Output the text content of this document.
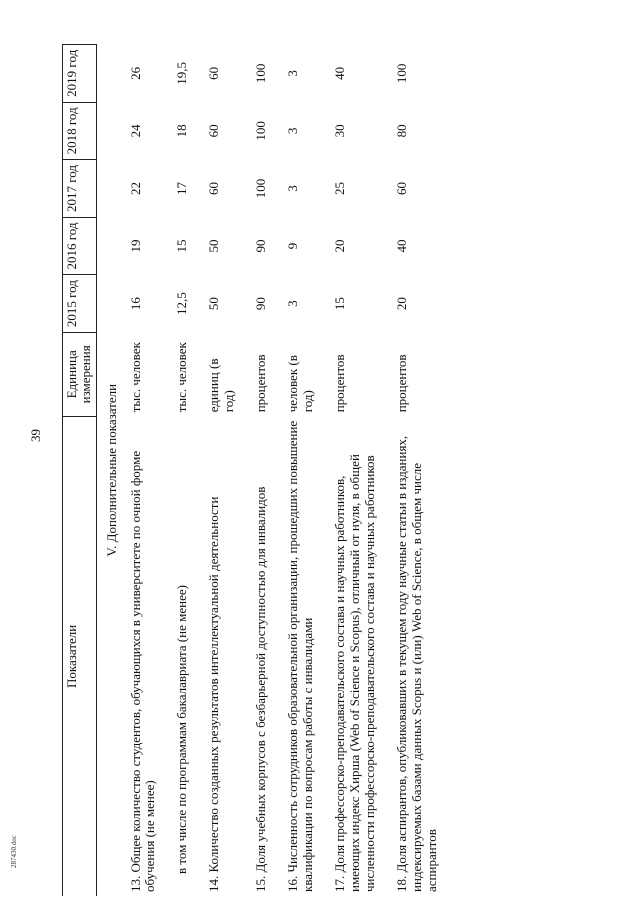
39
287430.doc
Показатели	Единица измерения	2015 год	2016 год	2017 год	2018 год	2019 год
V. Дополнительные показатели						
13. Общее количество студентов, обучающихся в университете по очной форме обучения (не менее)	тыс. человек	16	19	22	24	26
в том числе по программам бакалавриата (не менее)	тыс. человек	12,5	15	17	18	19,5
14. Количество созданных результатов интеллектуальной деятельности	единиц (в год)	50	50	60	60	60
15. Доля учебных корпусов с безбарьерной доступностью для инвалидов	процентов	90	90	100	100	100
16. Численность сотрудников образовательной организации, прошедших повышение квалификации по вопросам работы с инвалидами	человек (в год)	3	9	3	3	3
17. Доля профессорско-преподавательского состава и научных работников, имеющих индекс Хирша (Web of Science и Scopus), отличный от нуля, в общей численности профессорско-преподавательского состава и научных работников	процентов	15	20	25	30	40
18. Доля аспирантов, опубликовавших в текущем году научные статьи в изданиях, индексируемых базами данных Scopus и (или) Web of Science, в общем числе аспирантов	процентов	20	40	60	80	100
